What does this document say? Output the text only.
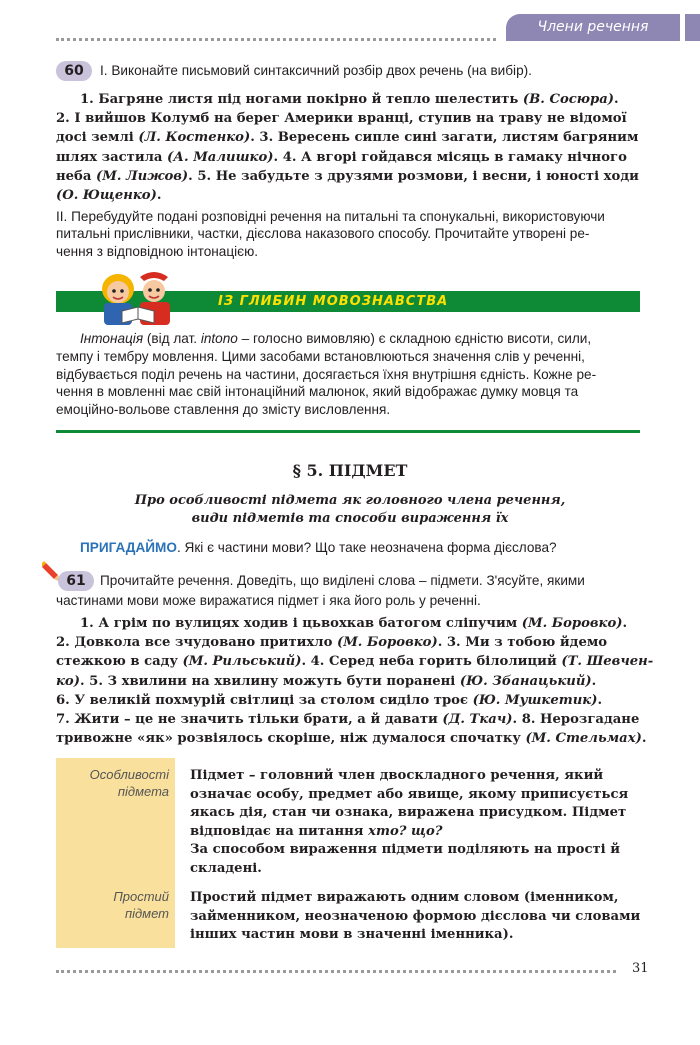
Члени речення
60	І. Виконайте письмовий синтаксичний розбір двох речень (на вибір).
1. Багряне листя під ногами покірно й тепло шелестить (В. Сосюра).
2. І вийшов Колумб на берег Америки вранці, ступив на траву не відомої
досі землі (Л. Костенко). 3. Вересень сипле сині загати, листям багряним
шлях застила (А. Малишко). 4. А вгорі гойдався місяць в гамаку нічного
неба (М. Лижов). 5. Не забудьте з друзями розмови, і весни, і юності ходи
(О. Ющенко).
ІІ. Перебудуйте подані розповідні речення на питальні та спонукальні, використовуючи
питальні прислівники, частки, дієслова наказового способу. Прочитайте утворені ре-
чення з відповідною інтонацією.
ІЗ ГЛИБИН МОВОЗНАВСТВА
Інтонація (від лат. intono – голосно вимовляю) є складною єдністю висоти, сили,
темпу і тембру мовлення. Цими засобами встановлюються значення слів у реченні,
відбувається поділ речень на частини, досягається їхня внутрішня єдність. Кожне ре-
чення в мовленні має свій інтонаційний малюнок, який відображає думку мовця та
емоційно-вольове ставлення до змісту висловлення.
§ 5. ПІДМЕТ
Про особливості підмета як головного члена речення,
види підметів та способи вираження їх
ПРИГАДАЙМО. Які є частини мови? Що таке неозначена форма дієслова?
61	Прочитайте речення. Доведіть, що виділені слова – підмети. З'ясуйте, якими
частинами мови може виражатися підмет і яка його роль у реченні.
1. А грім по вулицях ходив і цьвохкав батогом сліпучим (М. Боровко).
2. Довкола все зчудовано притихло (М. Боровко). 3. Ми з тобою йдемо
стежкою в саду (М. Рильський). 4. Серед неба горить білолиций (Т. Шевчен-
ко). 5. З хвилини на хвилину можуть бути поранені (Ю. Збанацький).
6. У великій похмурій світлиці за столом сиділо троє (Ю. Мушкетик).
7. Жити – це не значить тільки брати, а й давати (Д. Ткач). 8. Нерозгадане
тривожне «як» розвіялось скоріше, ніж думалося спочатку (М. Стельмах).
Особливості
підмета
Простий
підмет
Підмет – головний член двоскладного речення, який
означає особу, предмет або явище, якому приписується
якась дія, стан чи ознака, виражена присудком. Підмет
відповідає на питання хто? що?
За способом вираження підмети поділяють на прості й
складені.
Простий підмет виражають одним словом (іменником,
займенником, неозначеною формою дієслова чи словами
інших частин мови в значенні іменника).
31
